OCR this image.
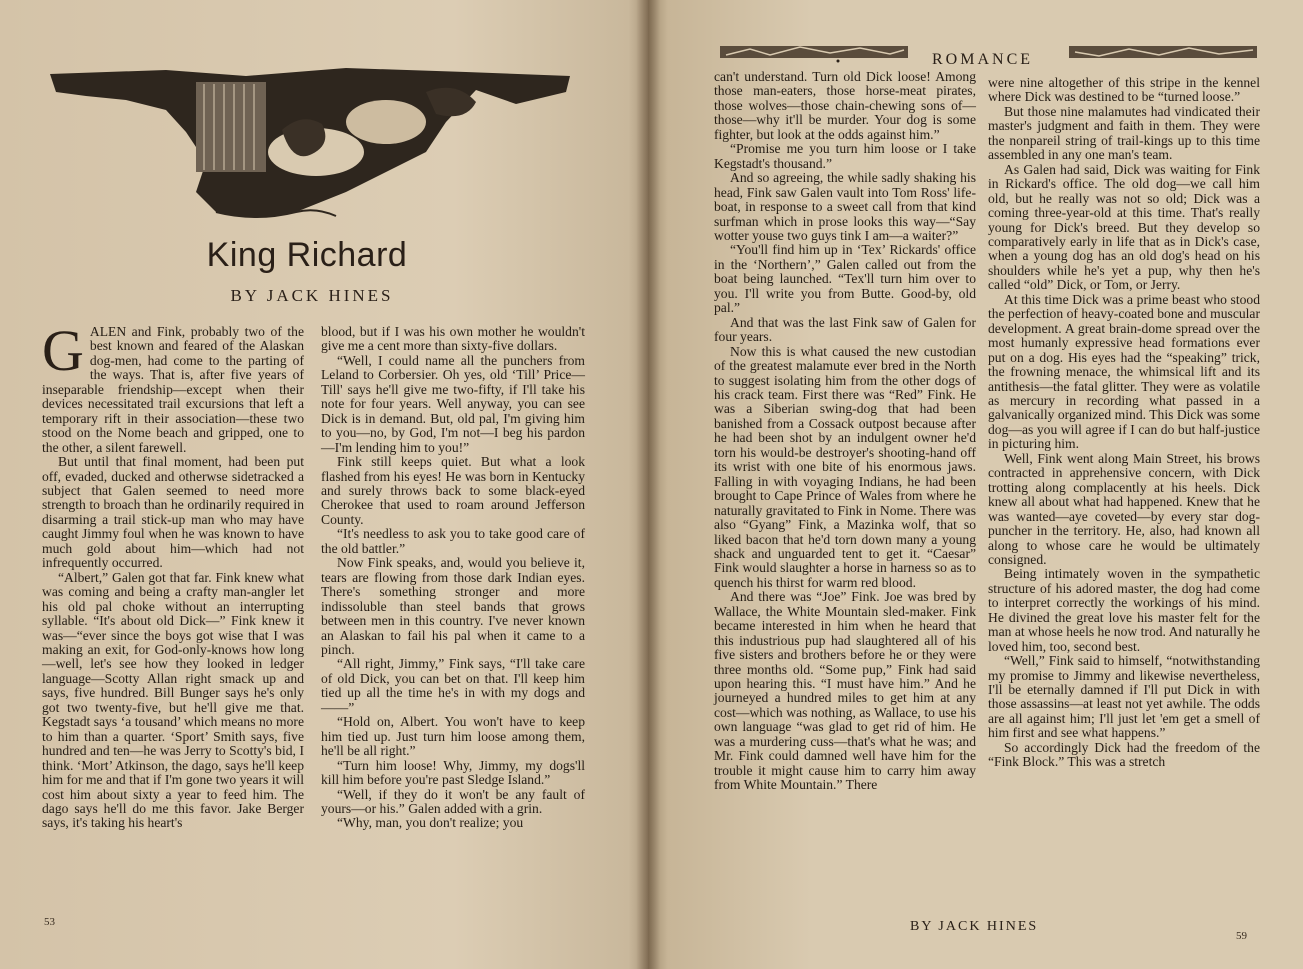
King Richard
BY JACK HINES
G ALEN and Fink, probably two of the best known and feared of the Alaskan dog-men, had come to the parting of the ways. That is, after five years of inseparable friendship—except when their devices necessitated trail excursions that left a temporary rift in their association—these two stood on the Nome beach and gripped, one to the other, a silent farewell.

But until that final moment, had been put off, evaded, ducked and otherwse sidetracked a subject that Galen seemed to need more strength to broach than he ordinarily required in disarming a trail stick-up man who may have caught Jimmy foul when he was known to have much gold about him—which had not infrequently occurred.

“Albert,” Galen got that far. Fink knew what was coming and being a crafty man-angler let his old pal choke without an interrupting syllable. “It's about old Dick—” Fink knew it was—“ever since the boys got wise that I was making an exit, for God-only-knows how long—well, let's see how they looked in ledger language—Scotty Allan right smack up and says, five hundred. Bill Bunger says he's only got two twenty-five, but he'll give me that. Kegstadt says ‘a tousand’ which means no more to him than a quarter. ‘Sport’ Smith says, five hundred and ten—he was Jerry to Scotty's bid, I think. ‘Mort’ Atkinson, the dago, says he'll keep him for me and that if I'm gone two years it will cost him about sixty a year to feed him. The dago says he'll do me this favor. Jake Berger says, it's taking his heart's

blood, but if I was his own mother he wouldn't give me a cent more than sixty-five dollars.

“Well, I could name all the punchers from Leland to Corbersier. Oh yes, old ‘Till’ Price—Till' says he'll give me two-fifty, if I'll take his note for four years. Well anyway, you can see Dick is in demand. But, old pal, I'm giving him to you—no, by God, I'm not—I beg his pardon—I'm lending him to you!”

Fink still keeps quiet. But what a look flashed from his eyes! He was born in Kentucky and surely throws back to some black-eyed Cherokee that used to roam around Jefferson County.

“It's needless to ask you to take good care of the old battler.”

Now Fink speaks, and, would you believe it, tears are flowing from those dark Indian eyes. There's something stronger and more indissoluble than steel bands that grows between men in this country. I've never known an Alaskan to fail his pal when it came to a pinch.

“All right, Jimmy,” Fink says, “I'll take care of old Dick, you can bet on that. I'll keep him tied up all the time he's in with my dogs and——”

“Hold on, Albert. You won't have to keep him tied up. Just turn him loose among them, he'll be all right.”

“Turn him loose! Why, Jimmy, my dogs'll kill him before you're past Sledge Island.”

“Well, if they do it won't be any fault of yours—or his.” Galen added with a grin.

“Why, man, you don't realize; you

53
ROMANCE

can't understand. Turn old Dick loose! Among those man-eaters, those horse-meat pirates, those wolves—those chain-chewing sons of—those—why it'll be murder. Your dog is some fighter, but look at the odds against him.”

“Promise me you turn him loose or I take Kegstadt's thousand.”

And so agreeing, the while sadly shaking his head, Fink saw Galen vault into Tom Ross' life-boat, in response to a sweet call from that kind surfman which in prose looks this way—“Say wotter youse two guys tink I am—a waiter?”

“You'll find him up in ‘Tex’ Rickards' office in the ‘Northern’,” Galen called out from the boat being launched. “Tex'll turn him over to you. I'll write you from Butte. Good-by, old pal.”

And that was the last Fink saw of Galen for four years.

Now this is what caused the new custodian of the greatest malamute ever bred in the North to suggest isolating him from the other dogs of his crack team. First there was “Red” Fink. He was a Siberian swing-dog that had been banished from a Cossack outpost because after he had been shot by an indulgent owner he'd torn his would-be destroyer's shooting-hand off its wrist with one bite of his enormous jaws. Falling in with voyaging Indians, he had been brought to Cape Prince of Wales from where he naturally gravitated to Fink in Nome. There was also “Gyang” Fink, a Mazinka wolf, that so liked bacon that he'd torn down many a young shack and unguarded tent to get it. “Caesar” Fink would slaughter a horse in harness so as to quench his thirst for warm red blood.

And there was “Joe” Fink. Joe was bred by Wallace, the White Mountain sled-maker. Fink became interested in him when he heard that this industrious pup had slaughtered all of his five sisters and brothers before he or they were three months old. “Some pup,” Fink had said upon hearing this. “I must have him.” And he journeyed a hundred miles to get him at any cost—which was nothing, as Wallace, to use his own language “was glad to get rid of him. He was a murdering cuss—that's what he was; and Mr. Fink could damned well have him for the trouble it might cause him to carry him away from White Mountain.” There

were nine altogether of this stripe in the kennel where Dick was destined to be “turned loose.”

But those nine malamutes had vindicated their master's judgment and faith in them. They were the nonpareil string of trail-kings up to this time assembled in any one man's team.

As Galen had said, Dick was waiting for Fink in Rickard's office. The old dog—we call him old, but he really was not so old; Dick was a coming three-year-old at this time. That's really young for Dick's breed. But they develop so comparatively early in life that as in Dick's case, when a young dog has an old dog's head on his shoulders while he's yet a pup, why then he's called “old” Dick, or Tom, or Jerry.

At this time Dick was a prime beast who stood the perfection of heavy-coated bone and muscular development. A great brain-dome spread over the most humanly expressive head formations ever put on a dog. His eyes had the “speaking” trick, the frowning menace, the whimsical lift and its antithesis—the fatal glitter. They were as volatile as mercury in recording what passed in a galvanically organized mind. This Dick was some dog—as you will agree if I can do but half-justice in picturing him.

Well, Fink went along Main Street, his brows contracted in apprehensive concern, with Dick trotting along complacently at his heels. Dick knew all about what had happened. Knew that he was wanted—aye coveted—by every star dog-puncher in the territory. He, also, had known all along to whose care he would be ultimately consigned.

Being intimately woven in the sympathetic structure of his adored master, the dog had come to interpret correctly the workings of his mind. He divined the great love his master felt for the man at whose heels he now trod. And naturally he loved him, too, second best.

“Well,” Fink said to himself, “notwithstanding my promise to Jimmy and likewise nevertheless, I'll be eternally damned if I'll put Dick in with those assassins—at least not yet awhile. The odds are all against him; I'll just let 'em get a smell of him first and see what happens.”

So accordingly Dick had the freedom of the “Fink Block.” This was a stretch

BY JACK HINES
59
